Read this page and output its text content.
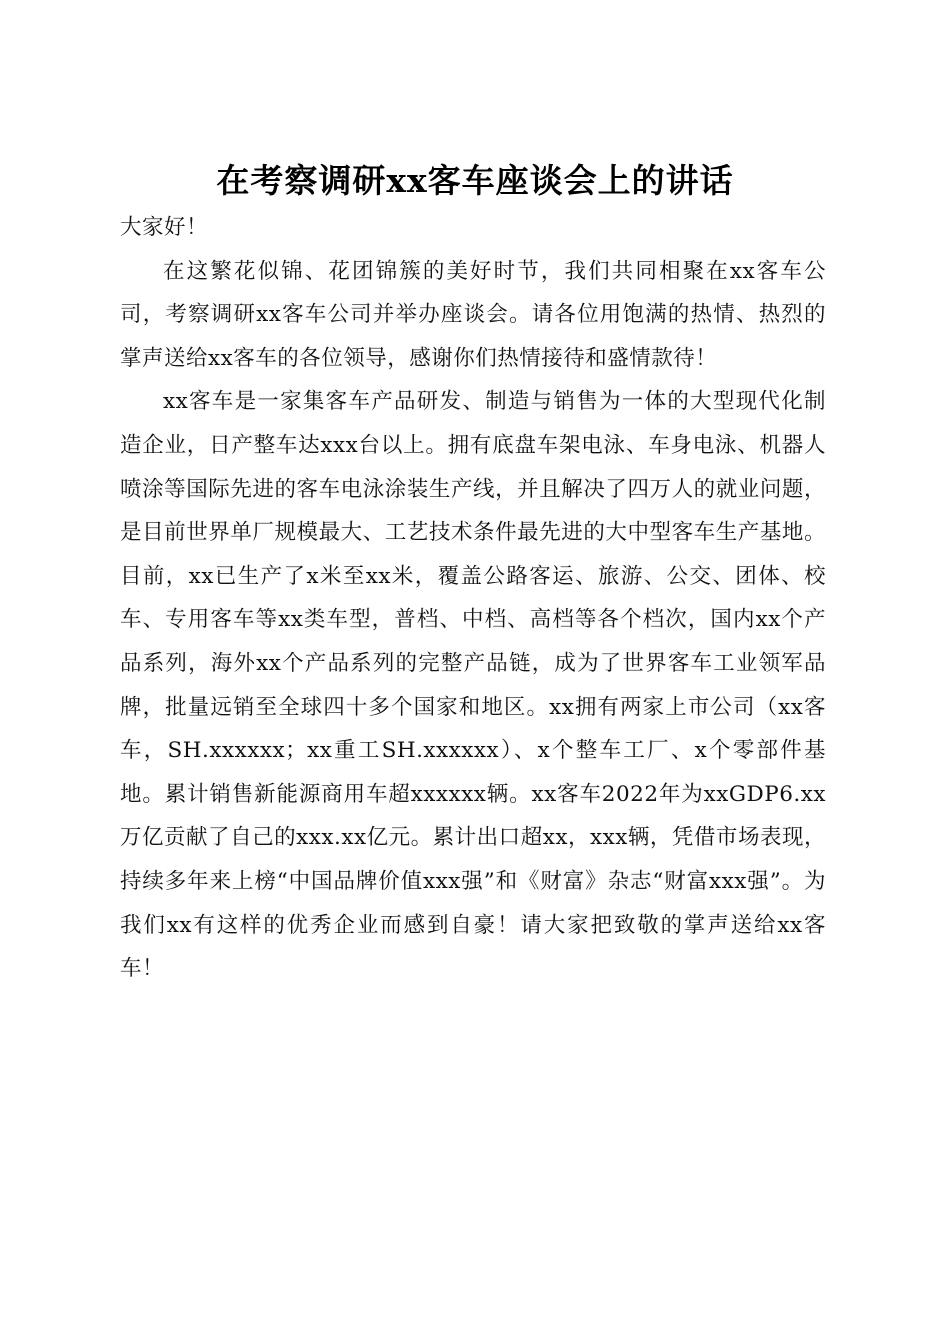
在考察调研xx客车座谈会上的讲话

大家好！

在这繁花似锦、花团锦簇的美好时节，我们共同相聚在xx客车公司，考察调研xx客车公司并举办座谈会。请各位用饱满的热情、热烈的掌声送给xx客车的各位领导，感谢你们热情接待和盛情款待！

xx客车是一家集客车产品研发、制造与销售为一体的大型现代化制造企业，日产整车达xxx台以上。拥有底盘车架电泳、车身电泳、机器人喷涂等国际先进的客车电泳涂装生产线，并且解决了四万人的就业问题，是目前世界单厂规模最大、工艺技术条件最先进的大中型客车生产基地。目前，xx已生产了x米至xx米，覆盖公路客运、旅游、公交、团体、校车、专用客车等xx类车型，普档、中档、高档等各个档次，国内xx个产品系列，海外xx个产品系列的完整产品链，成为了世界客车工业领军品牌，批量远销至全球四十多个国家和地区。xx拥有两家上市公司（xx客车，SH.xxxxxx；xx重工SH.xxxxxx）、x个整车工厂、x个零部件基地。累计销售新能源商用车超xxxxxx辆。xx客车2022年为xxGDP6.xx万亿贡献了自己的xxx.xx亿元。累计出口超xx，xxx辆，凭借市场表现，持续多年来上榜“中国品牌价值xxx强”和《财富》杂志“财富xxx强”。为我们xx有这样的优秀企业而感到自豪！请大家把致敬的掌声送给xx客车！
